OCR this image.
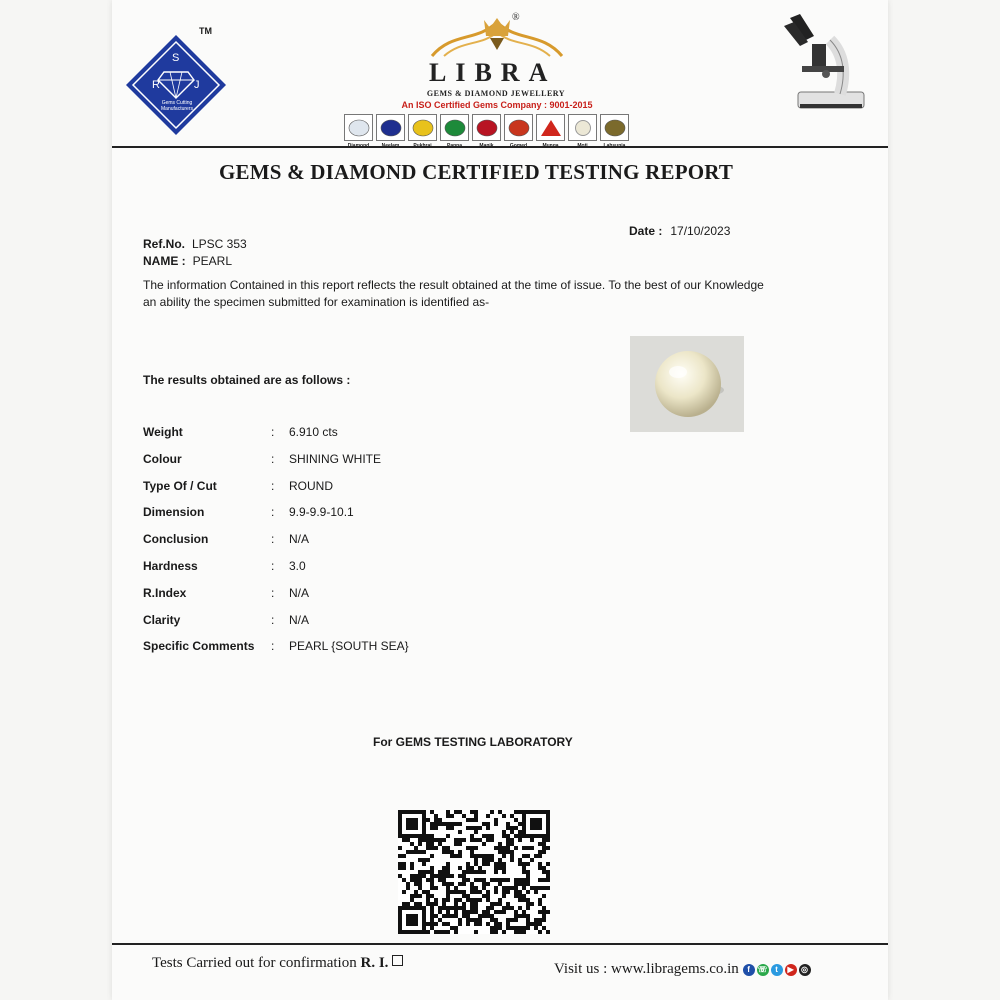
TM
S
R	J
Gems Cutting Manufacturers
®
LIBRA
GEMS & DIAMOND JEWELLERY
An ISO Certified Gems Company : 9001-2015
GEMS & DIAMOND CERTIFIED TESTING REPORT
Date : 17/10/2023
Ref.No. LPSC 353
NAME : PEARL
The information Contained in this report reflects the result obtained at the time of issue. To the best of our Knowledge an ability the specimen submitted for examination is identified as-
The results obtained are as follows :
Weight	:	6.910 cts
Colour	:	SHINING WHITE
Type Of / Cut	:	ROUND
Dimension	:	9.9-9.9-10.1
Conclusion	:	N/A
Hardness	:	3.0
R.Index	:	N/A
Clarity	:	N/A
Specific Comments	:	PEARL {SOUTH SEA}
For GEMS TESTING LABORATORY
Tests Carried out for confirmation R. I.	Visit us : www.libragems.co.in	f ☏ t	▶ ◎
